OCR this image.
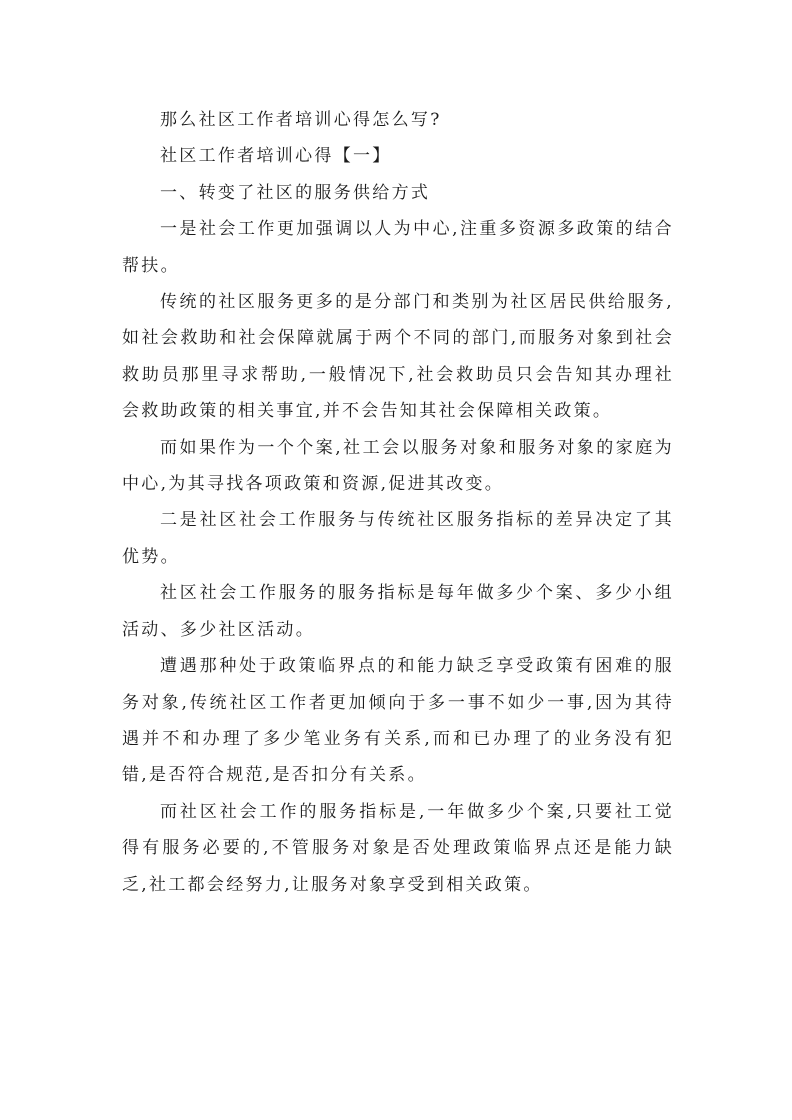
那么社区工作者培训心得怎么写?

社区工作者培训心得【一】

一、转变了社区的服务供给方式

一是社会工作更加强调以人为中心,注重多资源多政策的结合帮扶。

传统的社区服务更多的是分部门和类别为社区居民供给服务,如社会救助和社会保障就属于两个不同的部门,而服务对象到社会救助员那里寻求帮助,一般情况下,社会救助员只会告知其办理社会救助政策的相关事宜,并不会告知其社会保障相关政策。

而如果作为一个个案,社工会以服务对象和服务对象的家庭为中心,为其寻找各项政策和资源,促进其改变。

二是社区社会工作服务与传统社区服务指标的差异决定了其优势。

社区社会工作服务的服务指标是每年做多少个案、多少小组活动、多少社区活动。

遭遇那种处于政策临界点的和能力缺乏享受政策有困难的服务对象,传统社区工作者更加倾向于多一事不如少一事,因为其待遇并不和办理了多少笔业务有关系,而和已办理了的业务没有犯错,是否符合规范,是否扣分有关系。

而社区社会工作的服务指标是,一年做多少个案,只要社工觉得有服务必要的,不管服务对象是否处理政策临界点还是能力缺乏,社工都会经努力,让服务对象享受到相关政策。
